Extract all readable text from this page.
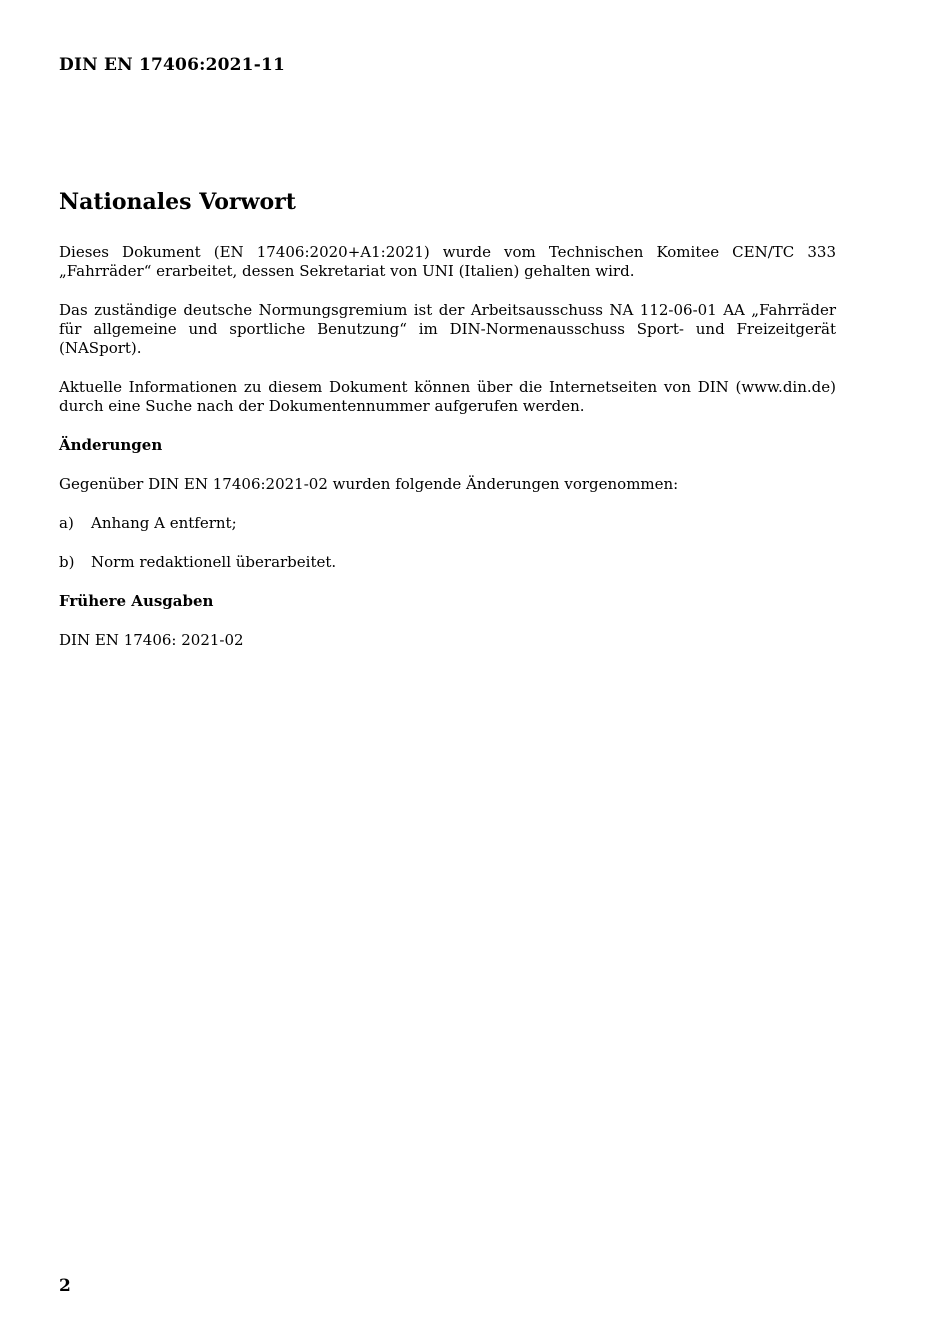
DIN EN 17406:2021-11
Nationales Vorwort

Dieses Dokument (EN 17406:2020+A1:2021) wurde vom Technischen Komitee CEN/TC 333 „Fahrräder“ erarbeitet, dessen Sekretariat von UNI (Italien) gehalten wird.

Das zuständige deutsche Normungsgremium ist der Arbeitsausschuss NA 112-06-01 AA „Fahrräder für allgemeine und sportliche Benutzung“ im DIN-Normenausschuss Sport- und Freizeitgerät (NASport).

Aktuelle Informationen zu diesem Dokument können über die Internetseiten von DIN (www.din.de) durch eine Suche nach der Dokumentennummer aufgerufen werden.

Änderungen

Gegenüber DIN EN 17406:2021-02 wurden folgende Änderungen vorgenommen:

a)	Anhang A entfernt;
b)	Norm redaktionell überarbeitet.
Frühere Ausgaben

DIN EN 17406: 2021-02

2
